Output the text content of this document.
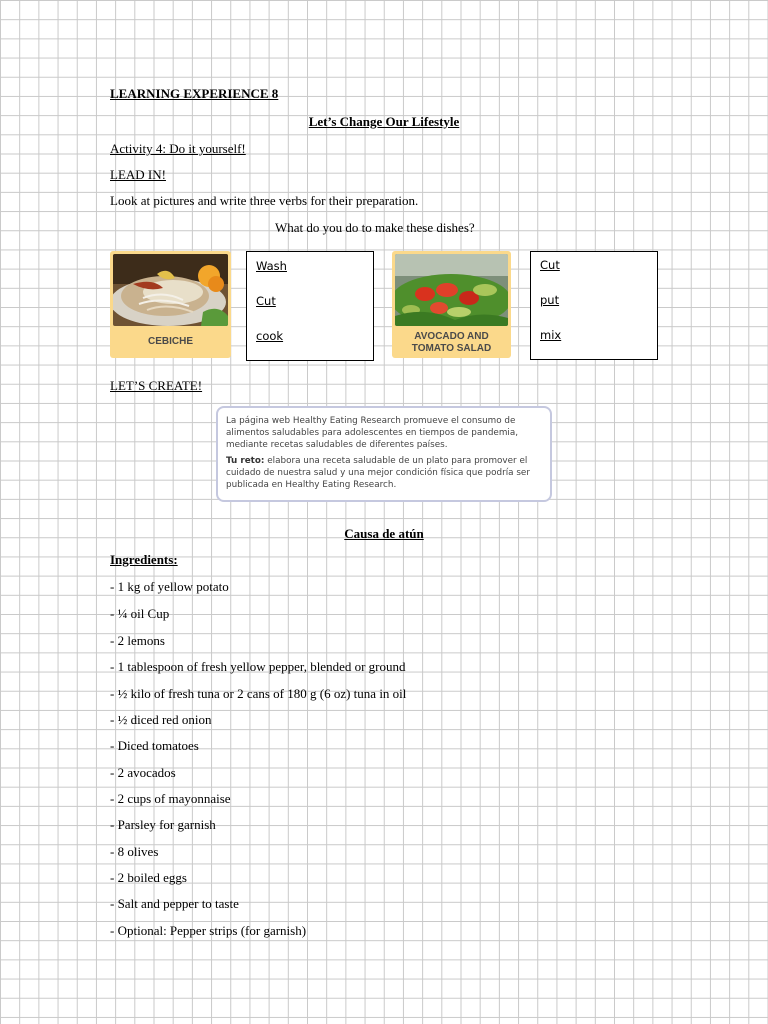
LEARNING EXPERIENCE 8
Let’s Change Our Lifestyle
Activity 4: Do it yourself!
LEAD IN!
Look at pictures and write three verbs for their preparation.
What do you do to make these dishes?
CEBICHE
Wash
Cut
cook	AVOCADO AND
TOMATO SALAD
Cut
put
mix
LET’S CREATE!

La página web Healthy Eating Research promueve el consumo de alimentos saludables para adolescentes en tiempos de pandemia, mediante recetas saludables de diferentes países.

Tu reto: elabora una receta saludable de un plato para promover el cuidado de nuestra salud y una mejor condición física que podría ser publicada en Healthy Eating Research.

Causa de atún
Ingredients:
- 1 kg of yellow potato
- ¼ oil Cup
- 2 lemons
- 1 tablespoon of fresh yellow pepper, blended or ground
- ½ kilo of fresh tuna or 2 cans of 180 g (6 oz) tuna in oil
- ½ diced red onion
- Diced tomatoes
- 2 avocados
- 2 cups of mayonnaise
- Parsley for garnish
- 8 olives
- 2 boiled eggs
- Salt and pepper to taste
- Optional: Pepper strips (for garnish)
